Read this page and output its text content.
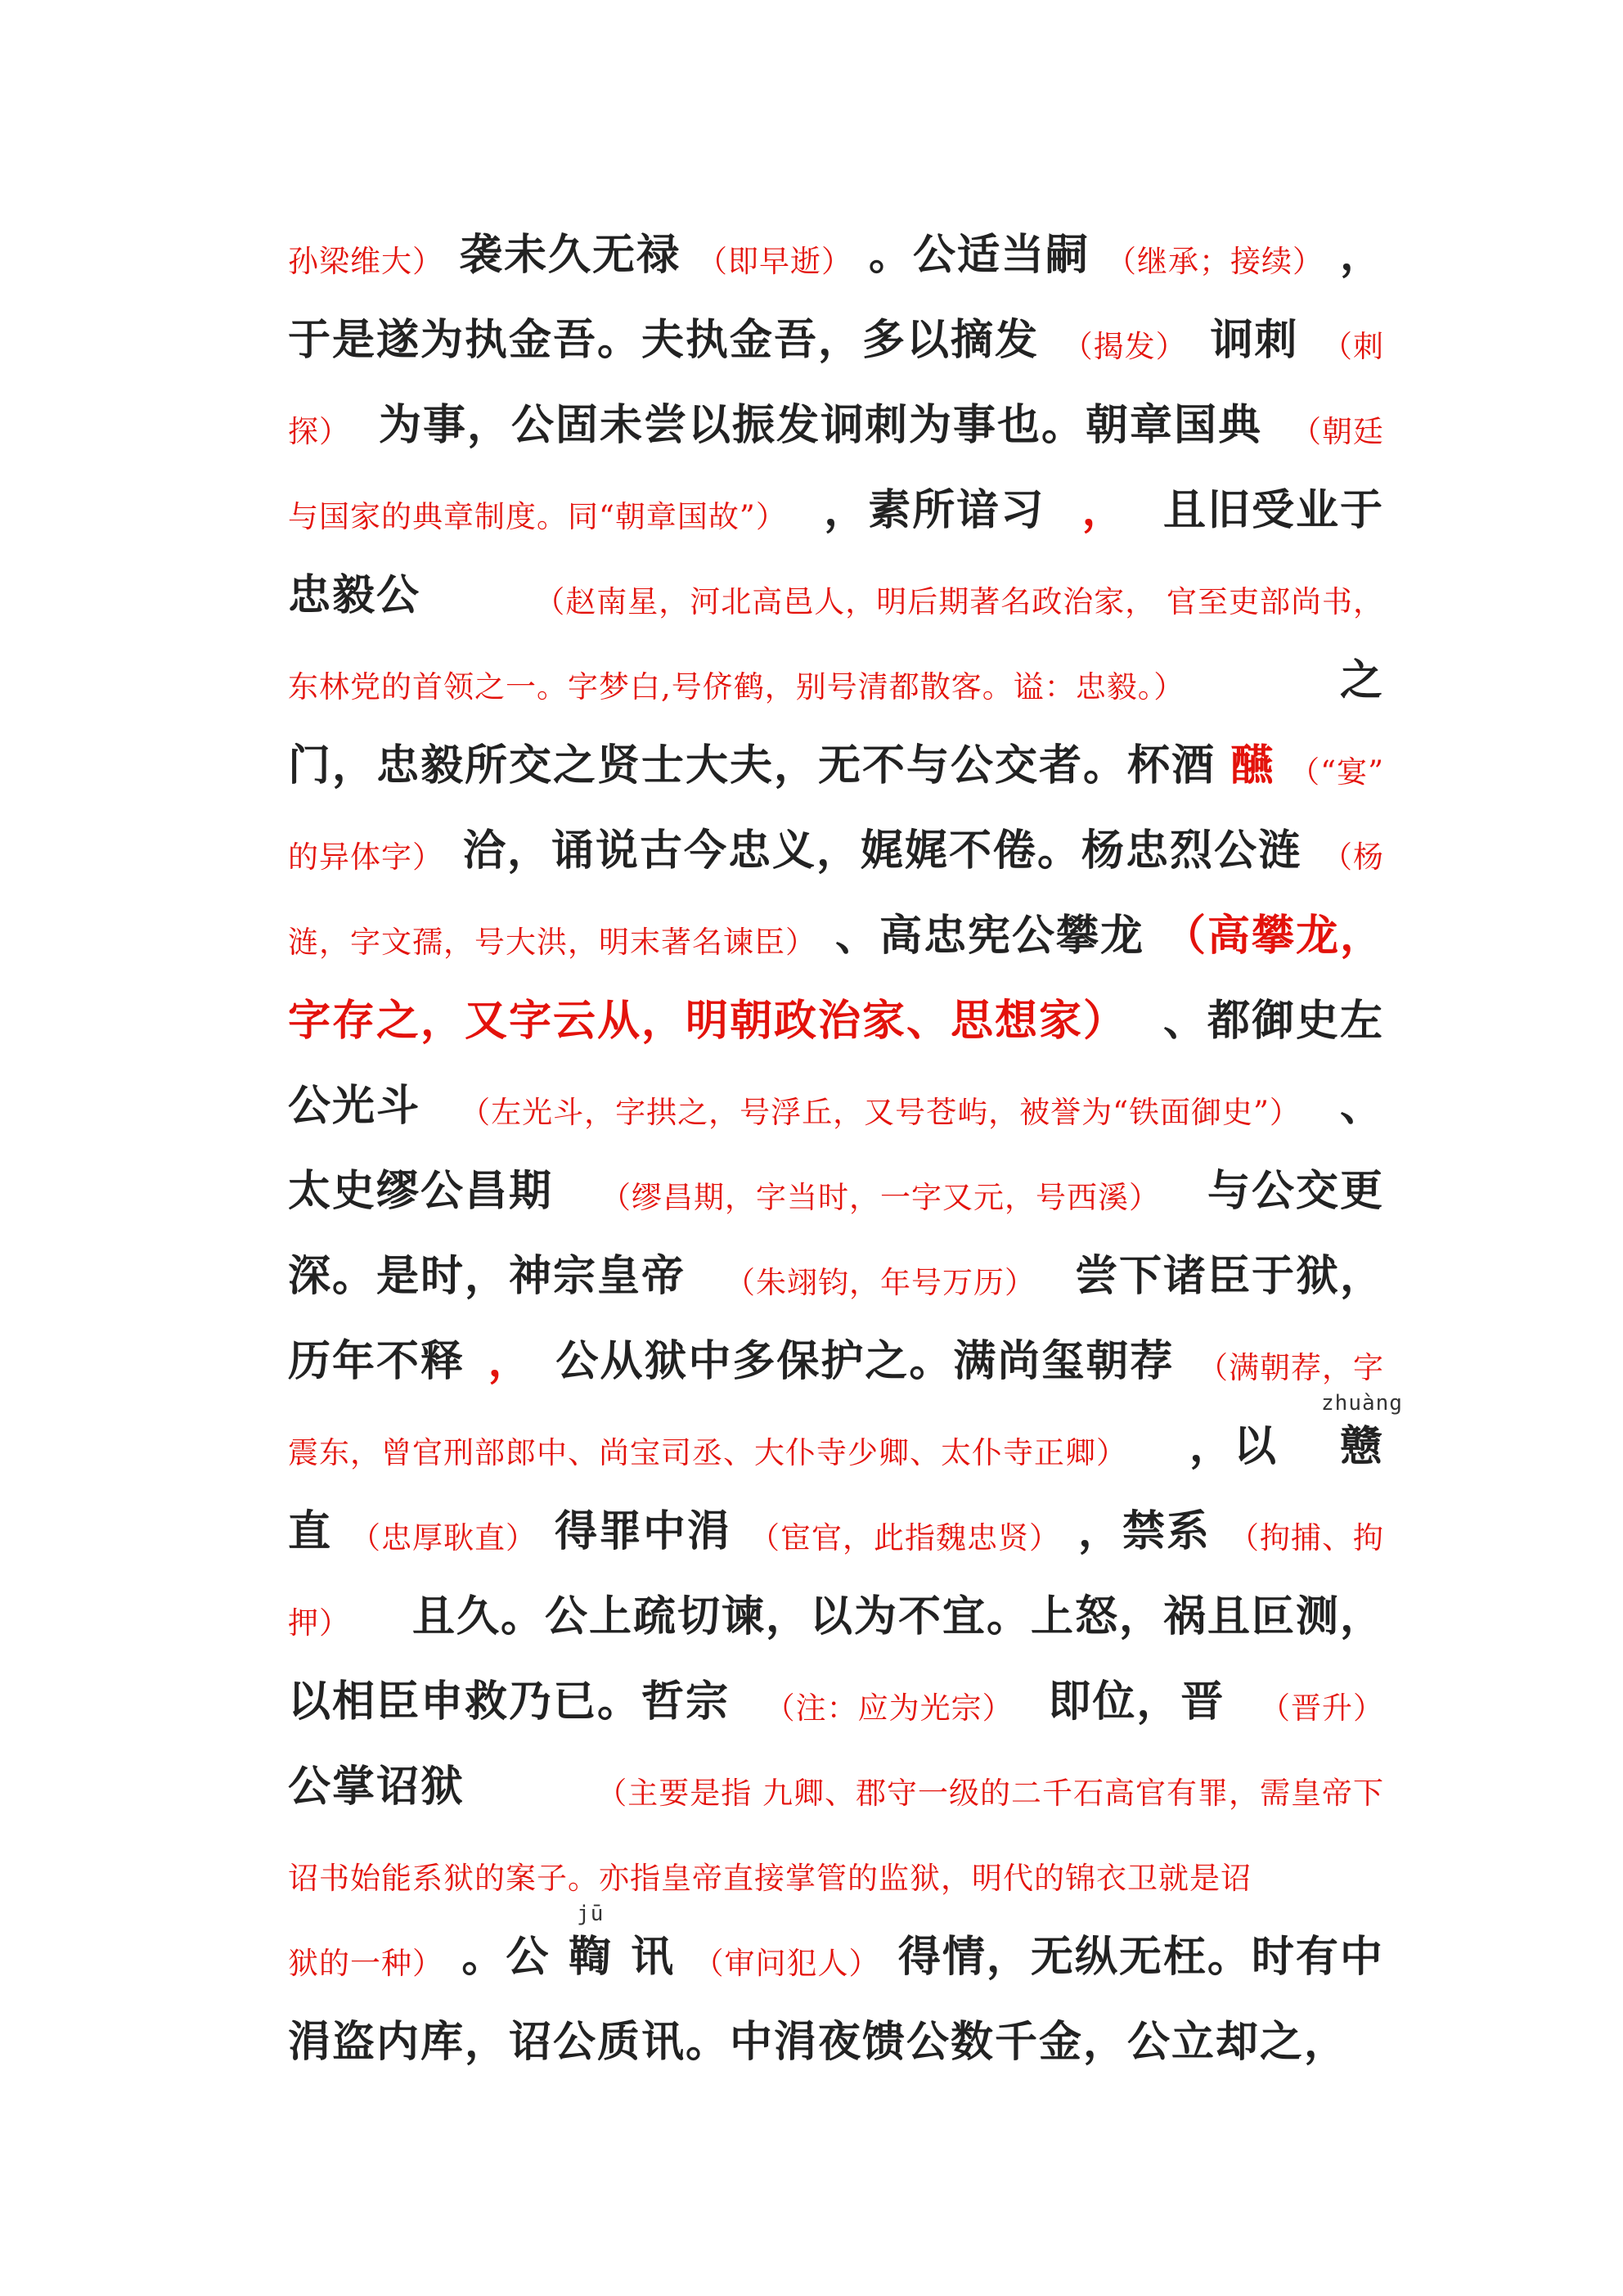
孙梁维大） 袭未久无禄 （即早逝） 。公适当嗣 （继承；接续） ，
于是遂为执金吾。夫执金吾，多以摘发 （揭发） 诇刺 （刺
探） 为事，公固未尝以振发诇刺为事也。朝章国典 （朝廷
与国家的典章制度。同“朝章国故”） ，素所谙习 ， 且旧受业于
忠毅公	（赵南星，河北高邑人，明后期著名政治家， 官至吏部尚书，
东林党的首领之一。字梦白,号侪鹤，别号清都散客。谥：忠毅。）	之
门，忠毅所交之贤士大夫，无不与公交者。杯酒 醼 （“宴”
的异体字） 洽，诵说古今忠义，娓娓不倦。杨忠烈公涟 （杨
涟，字文孺，号大洪，明末著名谏臣） 、高忠宪公攀龙 （高攀龙，
字存之，又字云从，明朝政治家、思想家） 、都御史左
公光斗 （左光斗，字拱之，号浮丘，又号苍屿，被誉为“铁面御史”） 、
太史缪公昌期 （缪昌期，字当时，一字又元，号西溪） 与公交更
深。是时，神宗皇帝 （朱翊钧，年号万历） 尝下诸臣于狱，
历年不释 ， 公从狱中多保护之。满尚玺朝荐 （满朝荐，字
震东，曾官刑部郎中、尚宝司丞、大仆寺少卿、太仆寺正卿） ，以 戆
zhuàng
直 （忠厚耿直） 得罪中涓 （宦官，此指魏忠贤） ，禁系 （拘捕、拘
押） 且久。公上疏切谏，以为不宜。上怒，祸且叵测，
以相臣申救乃已。哲宗 （注：应为光宗） 即位，晋 （晋升）
公掌诏狱	（主要是指 九卿、郡守一级的二千石高官有罪，需皇帝下
诏书始能系狱的案子。亦指皇帝直接掌管的监狱，明代的锦衣卫就是诏
狱的一种） 。公 鞫
jū
讯 （审问犯人） 得情，无纵无枉。时有中
涓盗内库，诏公质讯。中涓夜馈公数千金，公立却之，
